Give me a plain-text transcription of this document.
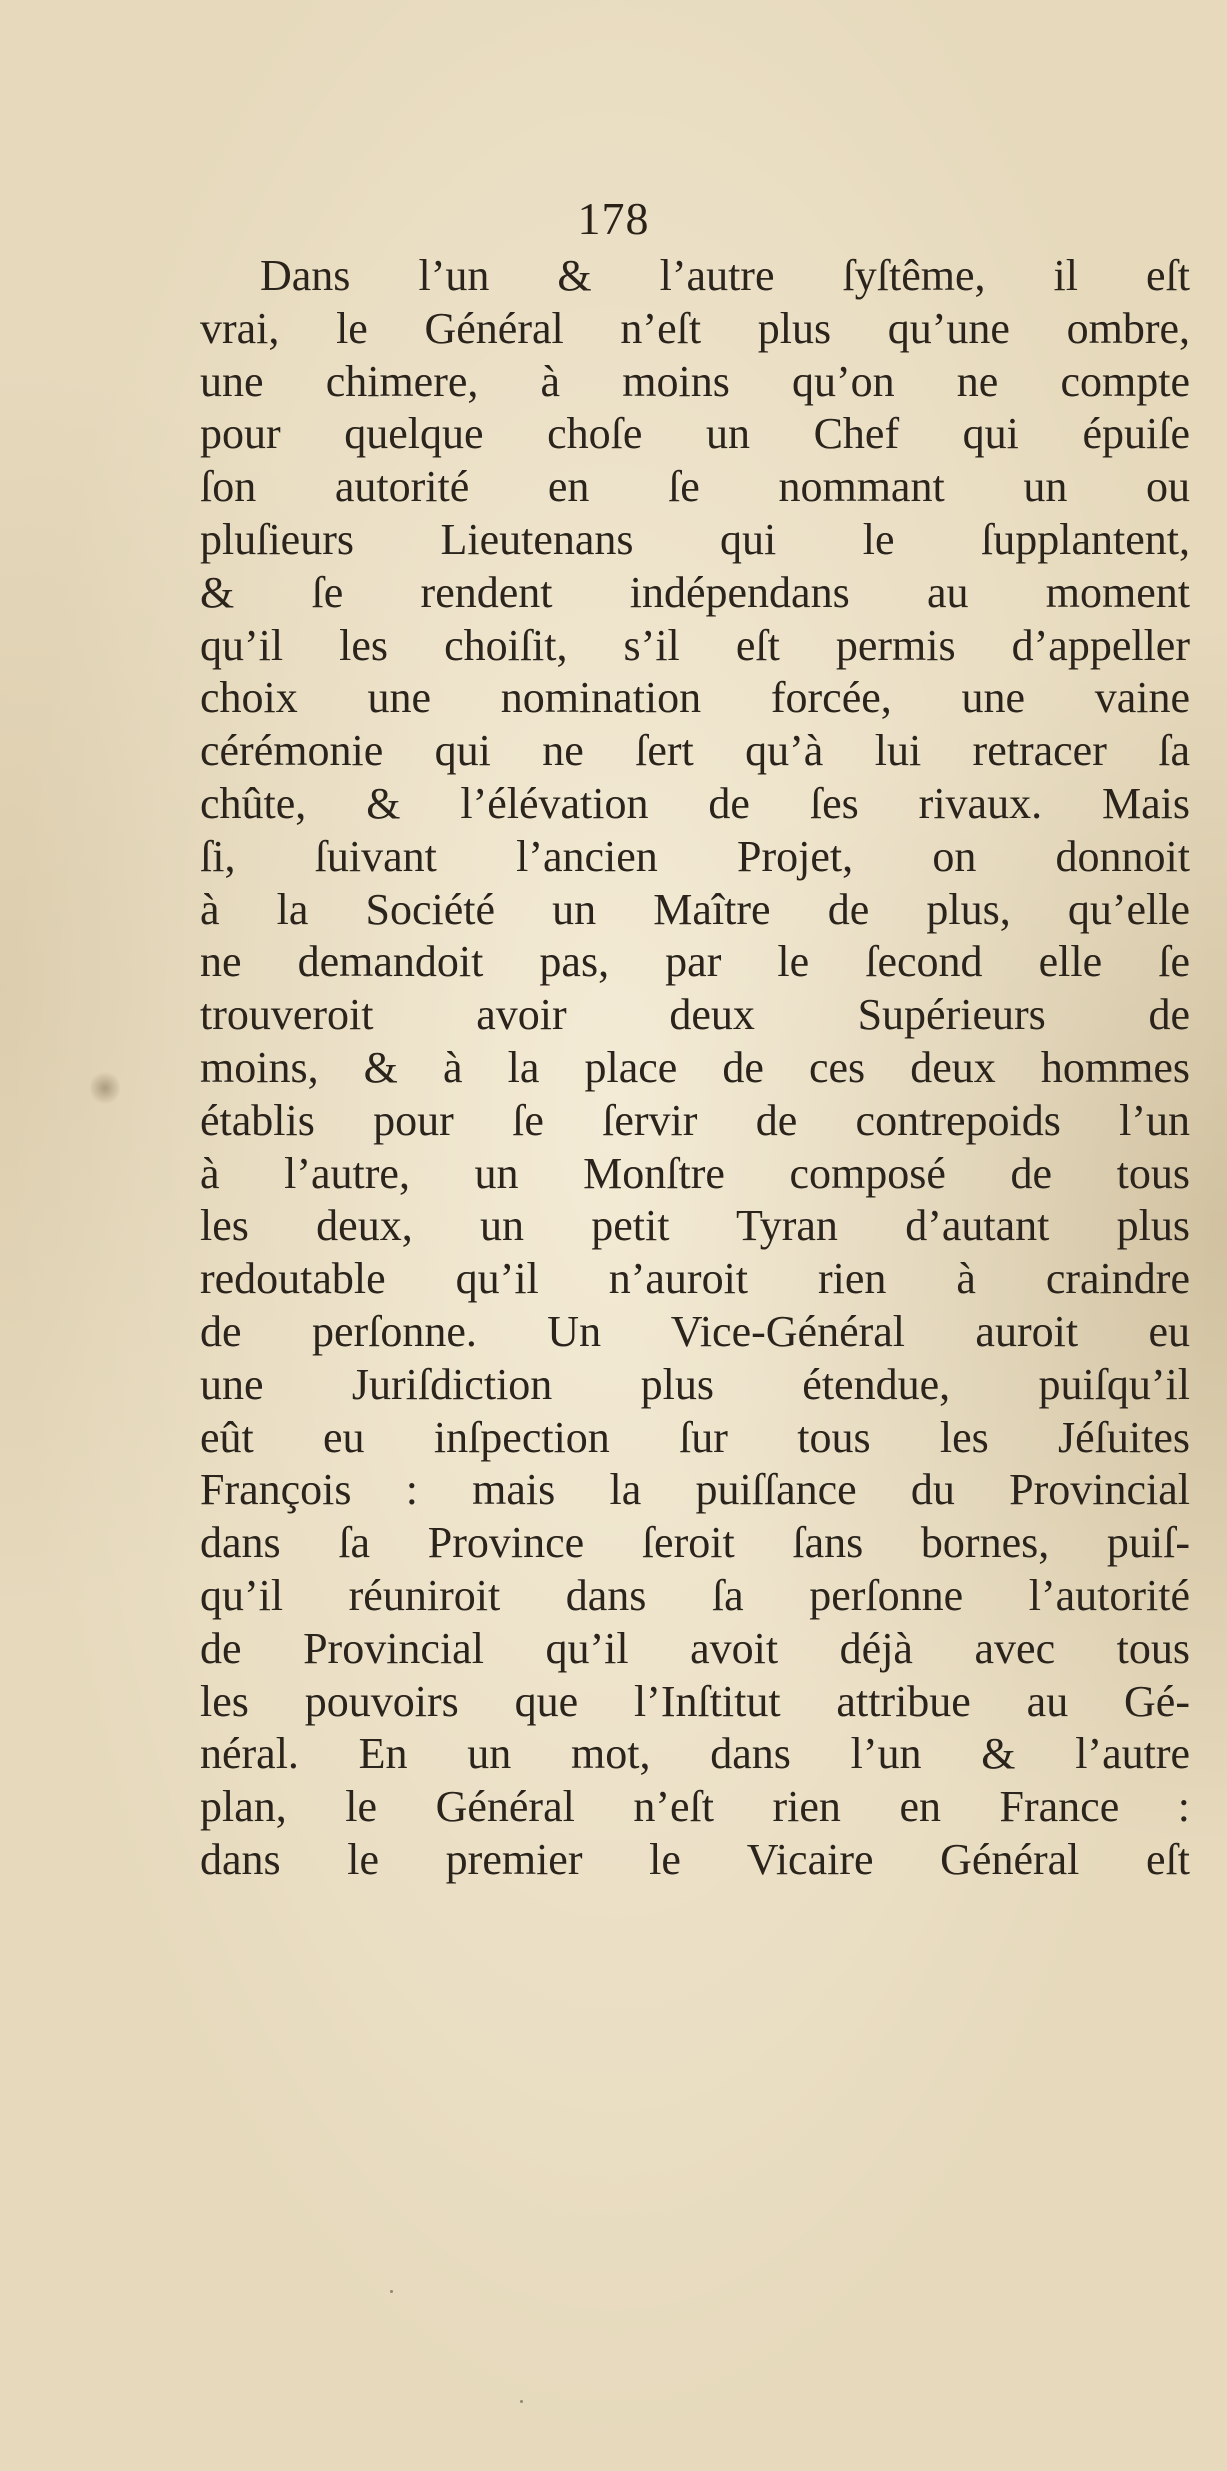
178
Dans l’un & l’autre ſyſtême, il eſt
vrai, le Général n’eſt plus qu’une ombre,
une chimere, à moins qu’on ne compte
pour quelque choſe un Chef qui épuiſe
ſon autorité en ſe nommant un ou
pluſieurs Lieutenans qui le ſupplantent,
& ſe rendent indépendans au moment
qu’il les choiſit, s’il eſt permis d’appeller
choix une nomination forcée, une vaine
cérémonie qui ne ſert qu’à lui retracer ſa
chûte, & l’élévation de ſes rivaux. Mais
ſi, ſuivant l’ancien Projet, on donnoit
à la Société un Maître de plus, qu’elle
ne demandoit pas, par le ſecond elle ſe
trouveroit avoir deux Supérieurs de
moins, & à la place de ces deux hommes
établis pour ſe ſervir de contrepoids l’un
à l’autre, un Monſtre composé de tous
les deux, un petit Tyran d’autant plus
redoutable qu’il n’auroit rien à craindre
de perſonne. Un Vice-Général auroit eu
une Juriſdiction plus étendue, puiſqu’il
eût eu inſpection ſur tous les Jéſuites
François : mais la puiſſance du Provincial
dans ſa Province ſeroit ſans bornes, puiſ-
qu’il réuniroit dans ſa perſonne l’autorité
de Provincial qu’il avoit déjà avec tous
les pouvoirs que l’Inſtitut attribue au Gé-
néral. En un mot, dans l’un & l’autre
plan, le Général n’eſt rien en France :
dans le premier le Vicaire Général eſt
